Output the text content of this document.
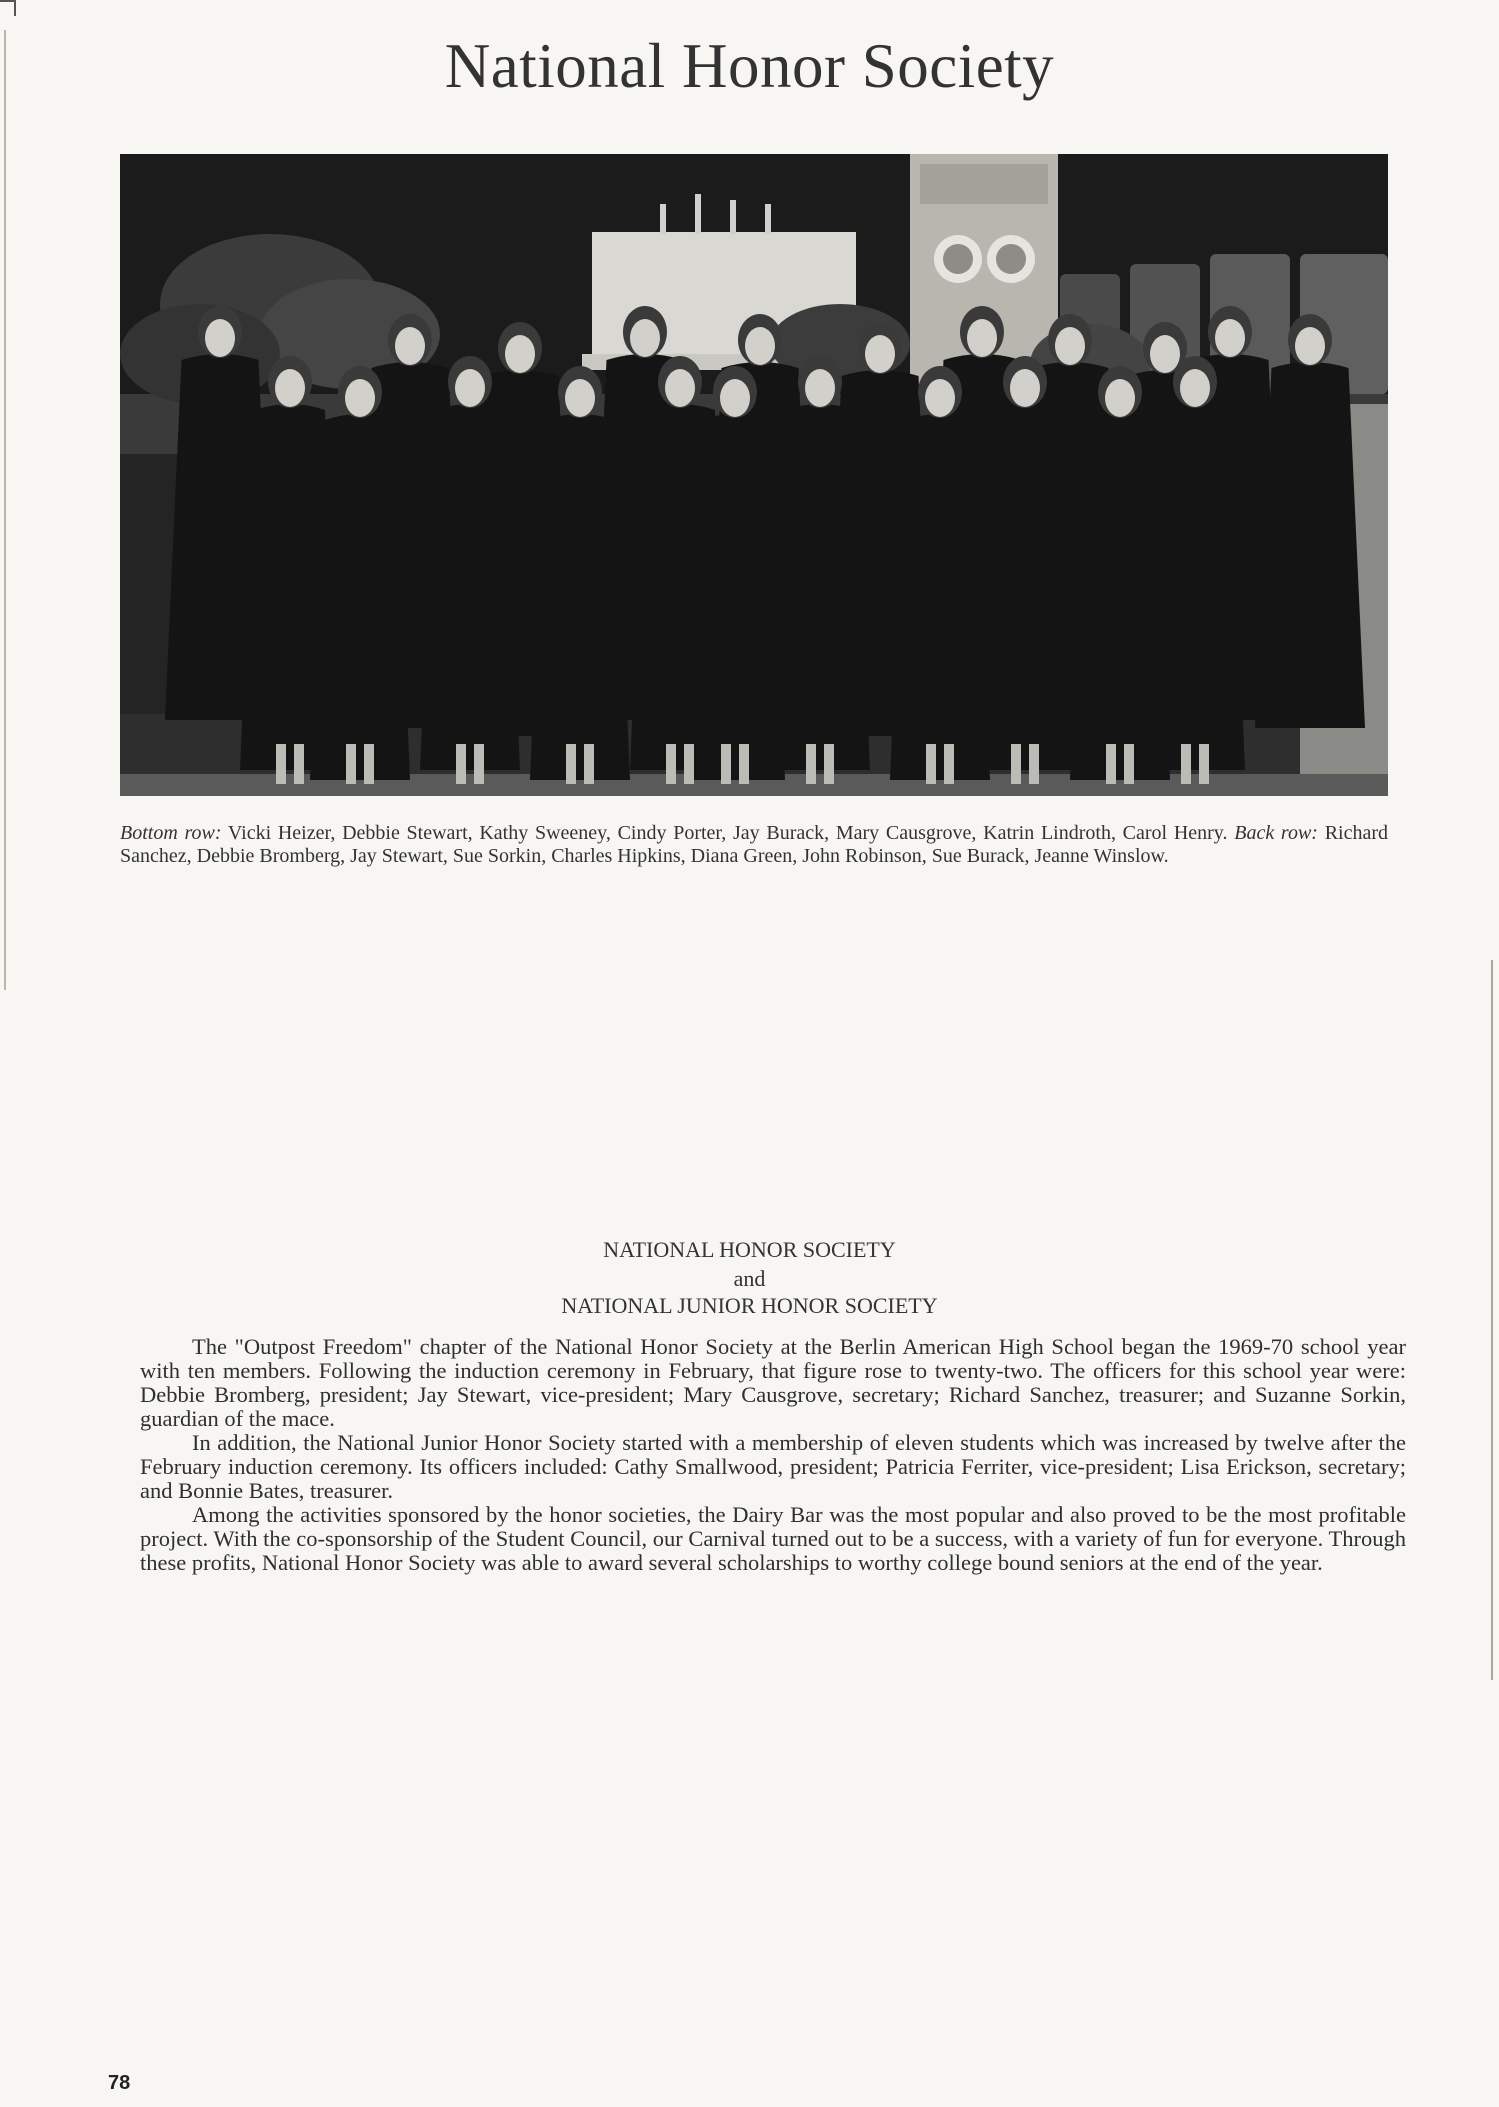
National Honor Society

Bottom row: Vicki Heizer, Debbie Stewart, Kathy Sweeney, Cindy Porter, Jay Burack, Mary Causgrove, Katrin Lindroth, Carol Henry. Back row: Richard Sanchez, Debbie Bromberg, Jay Stewart, Sue Sorkin, Charles Hipkins, Diana Green, John Robinson, Sue Burack, Jeanne Winslow.

NATIONAL HONOR SOCIETY

and

NATIONAL JUNIOR HONOR SOCIETY

The "Outpost Freedom" chapter of the National Honor Society at the Berlin American High School began the 1969-70 school year with ten members. Following the induction ceremony in February, that figure rose to twenty-two. The officers for this school year were: Debbie Bromberg, president; Jay Stewart, vice-president; Mary Causgrove, secretary; Richard Sanchez, treasurer; and Suzanne Sorkin, guardian of the mace.

In addition, the National Junior Honor Society started with a membership of eleven students which was increased by twelve after the February induction ceremony. Its officers included: Cathy Smallwood, president; Patricia Ferriter, vice-president; Lisa Erickson, secretary; and Bonnie Bates, treasurer.

Among the activities sponsored by the honor societies, the Dairy Bar was the most popular and also proved to be the most profitable project. With the co-sponsorship of the Student Council, our Carnival turned out to be a success, with a variety of fun for everyone. Through these profits, National Honor Society was able to award several scholarships to worthy college bound seniors at the end of the year.

78
